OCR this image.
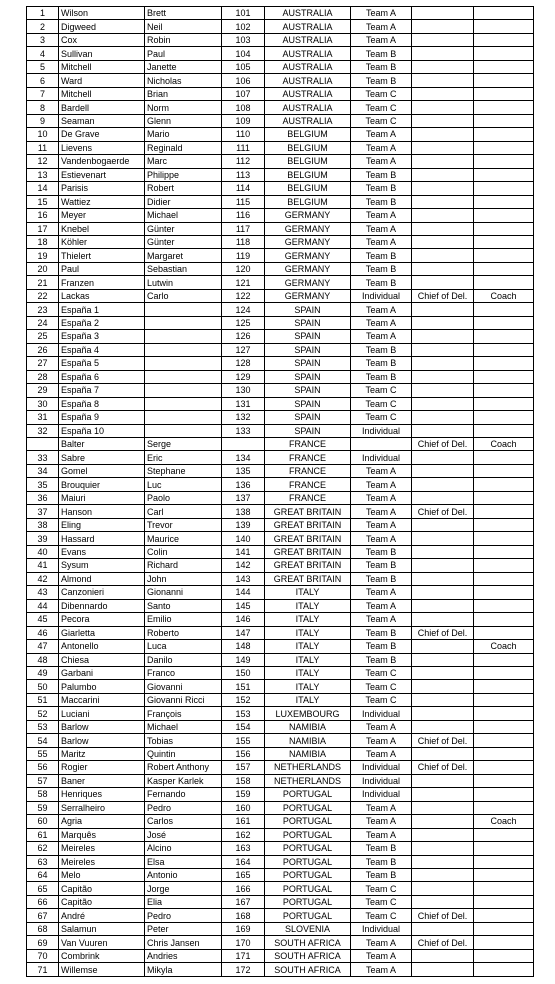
1	Wilson	Brett	101	AUSTRALIA	Team A		
2	Digweed	Neil	102	AUSTRALIA	Team A		
3	Cox	Robin	103	AUSTRALIA	Team A		
4	Sullivan	Paul	104	AUSTRALIA	Team B		
5	Mitchell	Janette	105	AUSTRALIA	Team B		
6	Ward	Nicholas	106	AUSTRALIA	Team B		
7	Mitchell	Brian	107	AUSTRALIA	Team C		
8	Bardell	Norm	108	AUSTRALIA	Team C		
9	Seaman	Glenn	109	AUSTRALIA	Team C		
10	De Grave	Mario	110	BELGIUM	Team A		
11	Lievens	Reginald	111	BELGIUM	Team A		
12	Vandenbogaerde	Marc	112	BELGIUM	Team A		
13	Estievenart	Philippe	113	BELGIUM	Team B		
14	Parisis	Robert	114	BELGIUM	Team B		
15	Wattiez	Didier	115	BELGIUM	Team B		
16	Meyer	Michael	116	GERMANY	Team A		
17	Knebel	Günter	117	GERMANY	Team A		
18	Köhler	Günter	118	GERMANY	Team A		
19	Thielert	Margaret	119	GERMANY	Team B		
20	Paul	Sebastian	120	GERMANY	Team B		
21	Franzen	Lutwin	121	GERMANY	Team B		
22	Lackas	Carlo	122	GERMANY	Individual	Chief of Del.	Coach
23	España 1		124	SPAIN	Team A		
24	España 2		125	SPAIN	Team A		
25	España 3		126	SPAIN	Team A		
26	España 4		127	SPAIN	Team B		
27	España 5		128	SPAIN	Team B		
28	España 6		129	SPAIN	Team B		
29	España 7		130	SPAIN	Team C		
30	España 8		131	SPAIN	Team C		
31	España 9		132	SPAIN	Team C		
32	España 10		133	SPAIN	Individual		
	Balter	Serge		FRANCE		Chief of Del.	Coach
33	Sabre	Eric	134	FRANCE	Individual		
34	Gomel	Stephane	135	FRANCE	Team A		
35	Brouquier	Luc	136	FRANCE	Team A		
36	Maiuri	Paolo	137	FRANCE	Team A		
37	Hanson	Carl	138	GREAT BRITAIN	Team A	Chief of Del.	
38	Eling	Trevor	139	GREAT BRITAIN	Team A		
39	Hassard	Maurice	140	GREAT BRITAIN	Team A		
40	Evans	Colin	141	GREAT BRITAIN	Team B		
41	Sysum	Richard	142	GREAT BRITAIN	Team B		
42	Almond	John	143	GREAT BRITAIN	Team B		
43	Canzonieri	Gionanni	144	ITALY	Team A		
44	Dibennardo	Santo	145	ITALY	Team A		
45	Pecora	Emilio	146	ITALY	Team A		
46	Giarletta	Roberto	147	ITALY	Team B	Chief of Del.	
47	Antonello	Luca	148	ITALY	Team B		Coach
48	Chiesa	Danilo	149	ITALY	Team B		
49	Garbani	Franco	150	ITALY	Team C		
50	Palumbo	Giovanni	151	ITALY	Team C		
51	Maccarini	Giovanni Ricci	152	ITALY	Team C		
52	Luciani	François	153	LUXEMBOURG	Individual		
53	Barlow	Michael	154	NAMIBIA	Team A		
54	Barlow	Tobias	155	NAMIBIA	Team A	Chief of Del.	
55	Maritz	Quintin	156	NAMIBIA	Team A		
56	Rogier	Robert Anthony	157	NETHERLANDS	Individual	Chief of Del.	
57	Baner	Kasper Karlek	158	NETHERLANDS	Individual		
58	Henriques	Fernando	159	PORTUGAL	Individual		
59	Serralheiro	Pedro	160	PORTUGAL	Team A		
60	Agria	Carlos	161	PORTUGAL	Team A		Coach
61	Marquês	José	162	PORTUGAL	Team A		
62	Meireles	Alcino	163	PORTUGAL	Team B		
63	Meireles	Elsa	164	PORTUGAL	Team B		
64	Melo	Antonio	165	PORTUGAL	Team B		
65	Capitão	Jorge	166	PORTUGAL	Team C		
66	Capitão	Elia	167	PORTUGAL	Team C		
67	André	Pedro	168	PORTUGAL	Team C	Chief of Del.	
68	Salamun	Peter	169	SLOVENIA	Individual		
69	Van Vuuren	Chris Jansen	170	SOUTH AFRICA	Team A	Chief of Del.	
70	Combrink	Andries	171	SOUTH AFRICA	Team A		
71	Willemse	Mikyla	172	SOUTH AFRICA	Team A		
